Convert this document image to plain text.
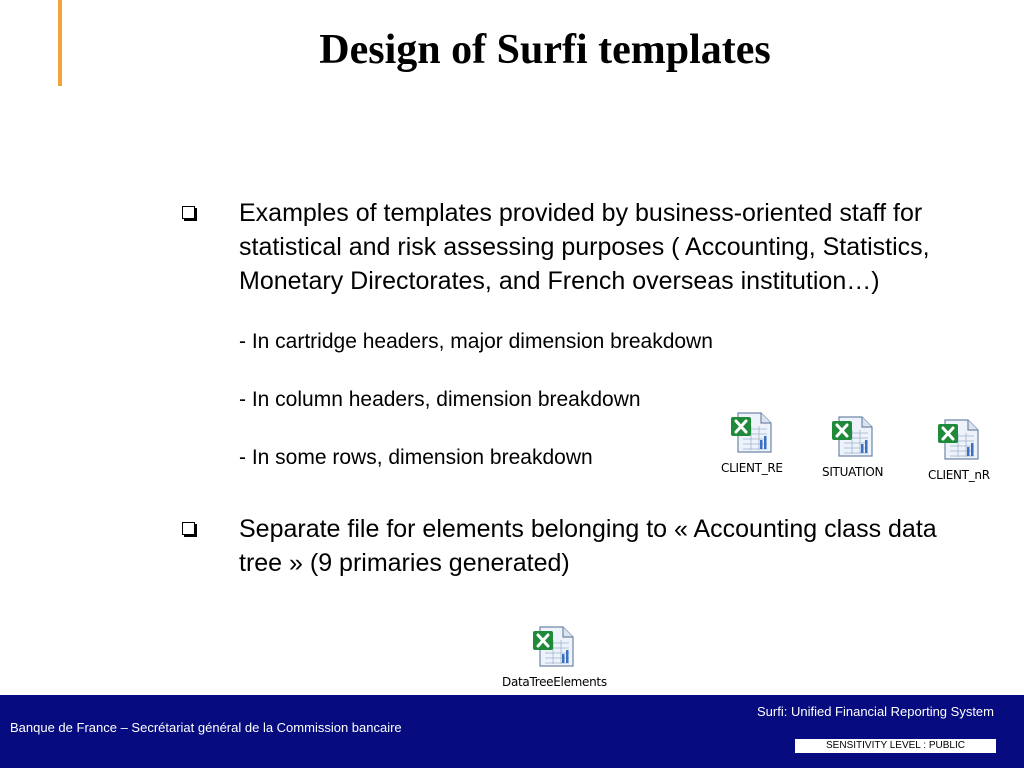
Design of Surfi templates
Examples of templates provided by business-oriented staff for statistical and risk assessing purposes ( Accounting, Statistics, Monetary Directorates, and French overseas institution…)
- In cartridge headers, major dimension breakdown
- In column headers, dimension breakdown
- In some rows, dimension breakdown
Separate file for elements belonging to « Accounting class data tree » (9 primaries generated)
CLIENT_RE	SITUATION	CLIENT_nR
DataTreeElements
Surfi: Unified Financial Reporting System
Banque de France – Secrétariat général de la Commission bancaire
SENSITIVITY LEVEL : PUBLIC
